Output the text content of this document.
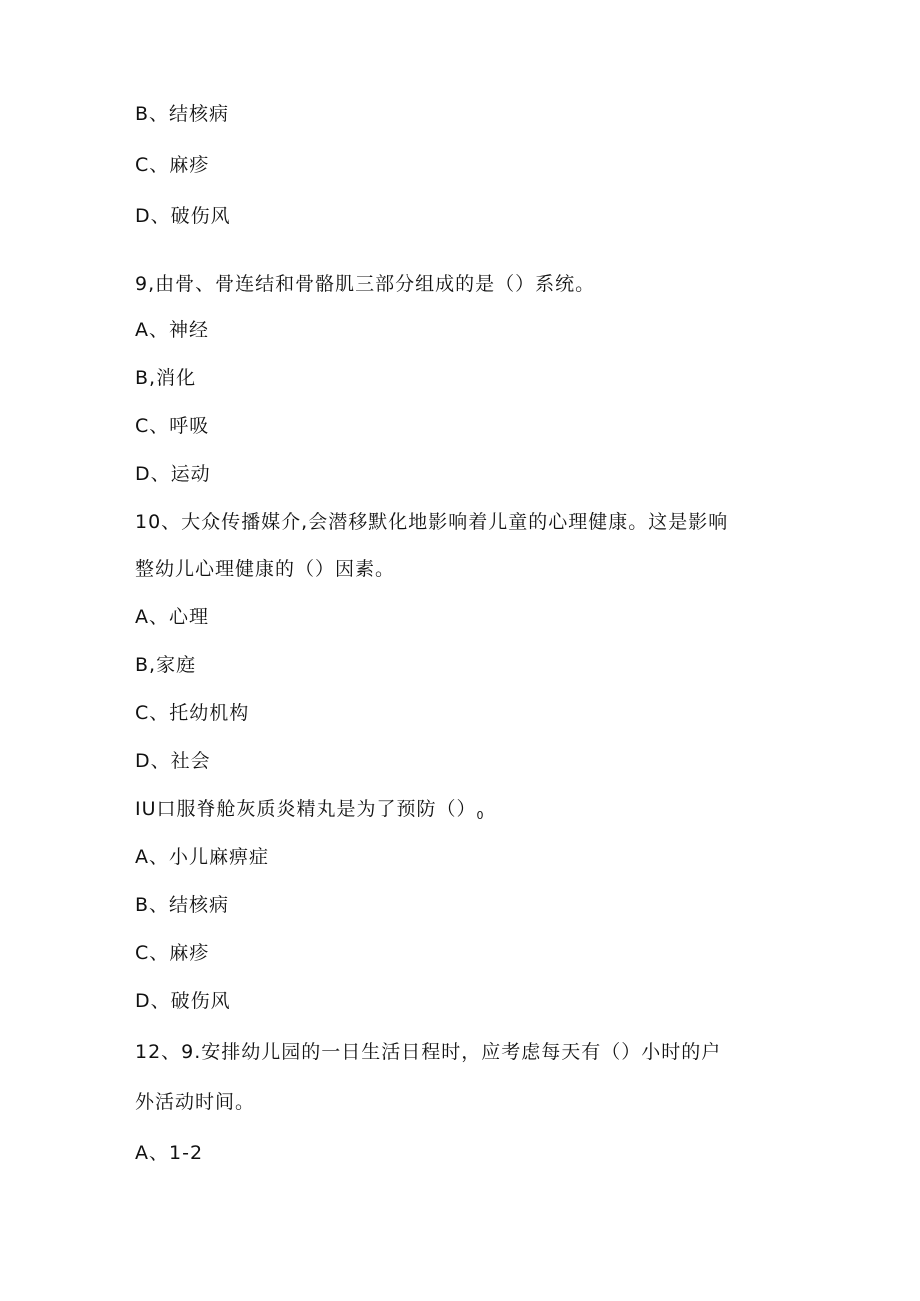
B、结核病
C、麻疹
D、破伤风
9,由骨、骨连结和骨骼肌三部分组成的是（）系统。
A、神经
B,消化
C、呼吸
D、运动
10、大众传播媒介,会潜移默化地影响着儿童的心理健康。这是影响
整幼儿心理健康的（）因素。
A、心理
B,家庭
C、托幼机构
D、社会
IU口服脊舱灰质炎精丸是为了预防$()_0$
A、小儿麻痹症
B、结核病
C、麻疹
D、破伤风
12、9.安排幼儿园的一日生活日程时，应考虑每天有（）小时的户
外活动时间。
A、1-2
